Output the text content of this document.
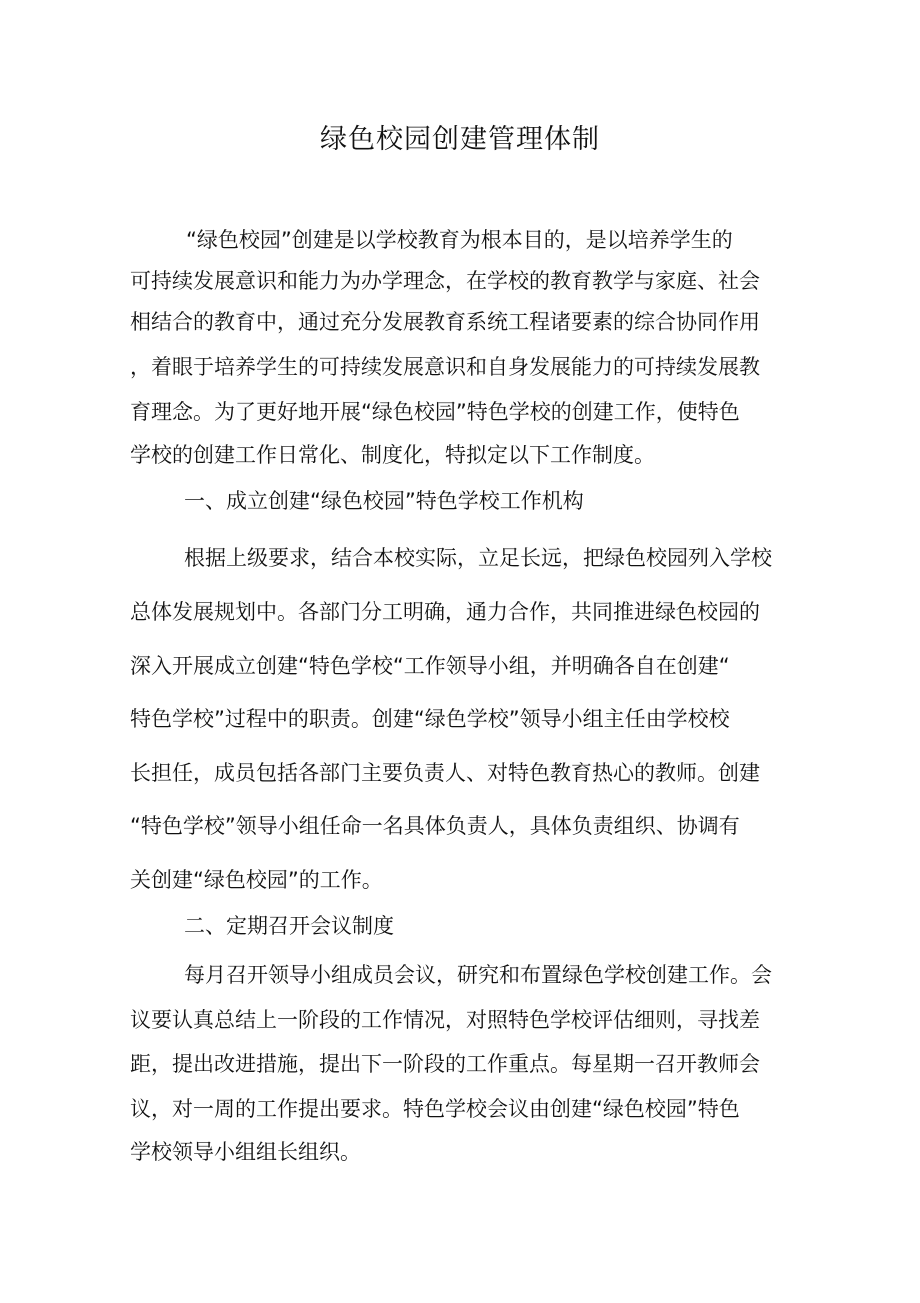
绿色校园创建管理体制
“绿色校园”创建是以学校教育为根本目的，是以培养学生的
可持续发展意识和能力为办学理念，在学校的教育教学与家庭、社会
相结合的教育中，通过充分发展教育系统工程诸要素的综合协同作用
，着眼于培养学生的可持续发展意识和自身发展能力的可持续发展教
育理念。为了更好地开展“绿色校园”特色学校的创建工作，使特色
学校的创建工作日常化、制度化，特拟定以下工作制度。
一、成立创建“绿色校园”特色学校工作机构
根据上级要求，结合本校实际，立足长远，把绿色校园列入学校
总体发展规划中。各部门分工明确，通力合作，共同推进绿色校园的
深入开展成立创建“特色学校“工作领导小组，并明确各自在创建“
特色学校”过程中的职责。创建“绿色学校”领导小组主任由学校校
长担任，成员包括各部门主要负责人、对特色教育热心的教师。创建
“特色学校”领导小组任命一名具体负责人，具体负责组织、协调有
关创建“绿色校园”的工作。
二、定期召开会议制度
每月召开领导小组成员会议，研究和布置绿色学校创建工作。会
议要认真总结上一阶段的工作情况，对照特色学校评估细则，寻找差
距，提出改进措施，提出下一阶段的工作重点。每星期一召开教师会
议，对一周的工作提出要求。特色学校会议由创建“绿色校园”特色
学校领导小组组长组织。
